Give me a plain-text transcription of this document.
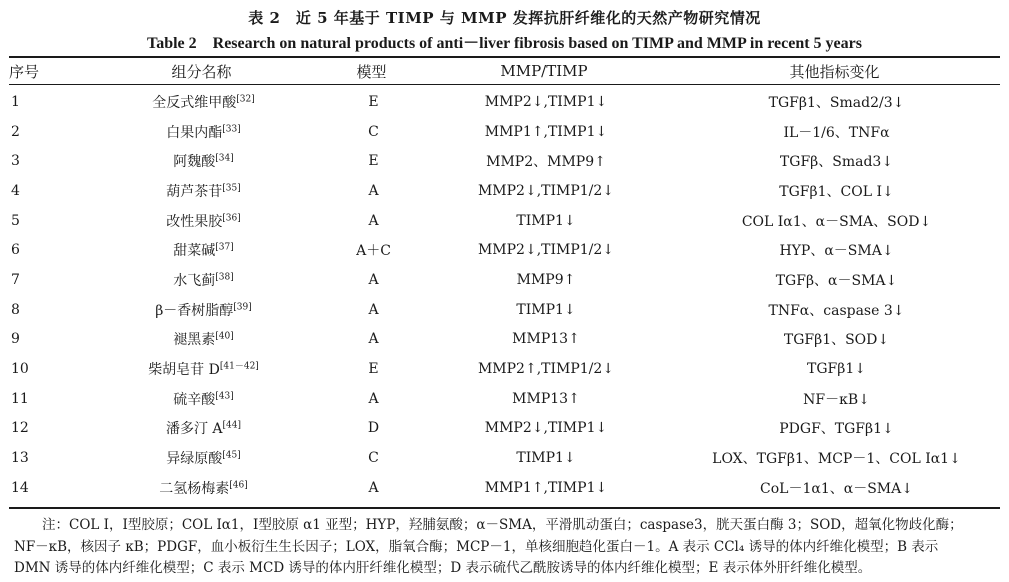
表 2　近 5 年基于 TIMP 与 MMP 发挥抗肝纤维化的天然产物研究情况
Table 2　Research on natural products of anti－liver fibrosis based on TIMP and MMP in recent 5 years
序号	组分名称	模型	MMP/TIMP	其他指标变化
1	全反式维甲酸[32]	E	MMP2↓,TIMP1↓	TGFβ1、Smad2/3↓
2	白果内酯[33]	C	MMP1↑,TIMP1↓	IL－1/6、TNFα
3	阿魏酸[34]	E	MMP2、MMP9↑	TGFβ、Smad3↓
4	葫芦茶苷[35]	A	MMP2↓,TIMP1/2↓	TGFβ1、COL Ⅰ↓
5	改性果胶[36]	A	TIMP1↓	COL Ⅰα1、α－SMA、SOD↓
6	甜菜碱[37]	A＋C	MMP2↓,TIMP1/2↓	HYP、α－SMA↓
7	水飞蓟[38]	A	MMP9↑	TGFβ、α－SMA↓
8	β－香树脂醇[39]	A	TIMP1↓	TNFα、caspase 3↓
9	褪黑素[40]	A	MMP13↑	TGFβ1、SOD↓
10	柴胡皂苷 D[41－42]	E	MMP2↑,TIMP1/2↓	TGFβ1↓
11	硫辛酸[43]	A	MMP13↑	NF－κB↓
12	潘多汀 A[44]	D	MMP2↓,TIMP1↓	PDGF、TGFβ1↓
13	异绿原酸[45]	C	TIMP1↓	LOX、TGFβ1、MCP－1、COL Ⅰα1↓
14	二氢杨梅素[46]	A	MMP1↑,TIMP1↓	CoL－1α1、α－SMA↓
注：COL Ⅰ，Ⅰ型胶原；COL Ⅰα1，Ⅰ型胶原 α1 亚型；HYP，羟脯氨酸；α－SMA，平滑肌动蛋白；caspase3，胱天蛋白酶 3；SOD，超氧化物歧化酶；
NF－κB，核因子 κB；PDGF，血小板衍生生长因子；LOX，脂氧合酶；MCP－1，单核细胞趋化蛋白－1。A 表示 CCl₄ 诱导的体内纤维化模型；B 表示
DMN 诱导的体内纤维化模型；C 表示 MCD 诱导的体内肝纤维化模型；D 表示硫代乙酰胺诱导的体内纤维化模型；E 表示体外肝纤维化模型。
